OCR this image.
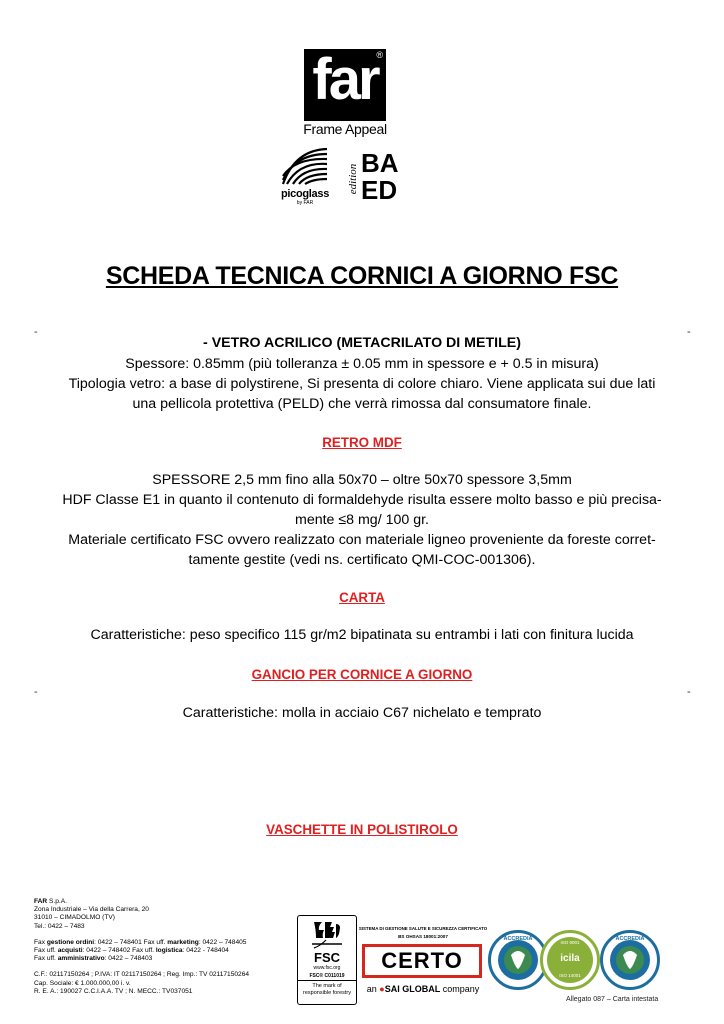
far
®
Frame Appeal
picoglass
by FAR
edition
BA
ED
SCHEDA TECNICA CORNICI A GIORNO FSC
-	-
-	-
- VETRO ACRILICO (METACRILATO DI METILE)
Spessore: 0.85mm (più tolleranza ± 0.05 mm in spessore e + 0.5 in misura)
Tipologia vetro: a base di polystirene, Si presenta di colore chiaro. Viene applicata sui due lati
una pellicola protettiva (PELD) che verrà rimossa dal consumatore finale.
RETRO MDF
SPESSORE 2,5 mm fino alla 50x70 – oltre 50x70 spessore 3,5mm
HDF Classe E1 in quanto il contenuto di formaldehyde risulta essere molto basso e più precisa-
mente ≤8 mg/ 100 gr.
Materiale certificato FSC ovvero realizzato con materiale ligneo proveniente da foreste corret-
tamente gestite (vedi ns. certificato QMI-COC-001306).
CARTA
Caratteristiche: peso specifico 115 gr/m2 bipatinata su entrambi i lati con finitura lucida
GANCIO PER CORNICE A GIORNO
Caratteristiche: molla in acciaio C67 nichelato e temprato
VASCHETTE IN POLISTIROLO

FAR S.p.A.

Zona Industriale – Via della Carrera, 20

31010 – CIMADOLMO (TV)

Tel.: 0422 – 7483

Fax gestione ordini: 0422 – 748401 Fax uff. marketing: 0422 – 748405

Fax uff. acquisti: 0422 – 748402 Fax uff. logistica: 0422 - 748404

Fax uff. amministrativo: 0422 – 748403

C.F.: 02117150264 ; P.IVA: IT 02117150264 ; Reg. Imp.: TV 02117150264

Cap. Sociale: € 1.000.000,00 i. v.

R. E. A.: 190027 C.C.I.A.A. TV ; N. MECC.: TV037051

FSC
www.fsc.org
FSC® C011019
The mark of
responsible forestry
SISTEMA DI GESTIONE SALUTE E SICUREZZA CERTIFICATO
BS OHSAS 18001:2007
CERTO
an ●SAI GLOBAL company
ACCREDIA
icila
ISO 9001
ISO 14001
ACCREDIA
Allegato 087 – Carta intestata
